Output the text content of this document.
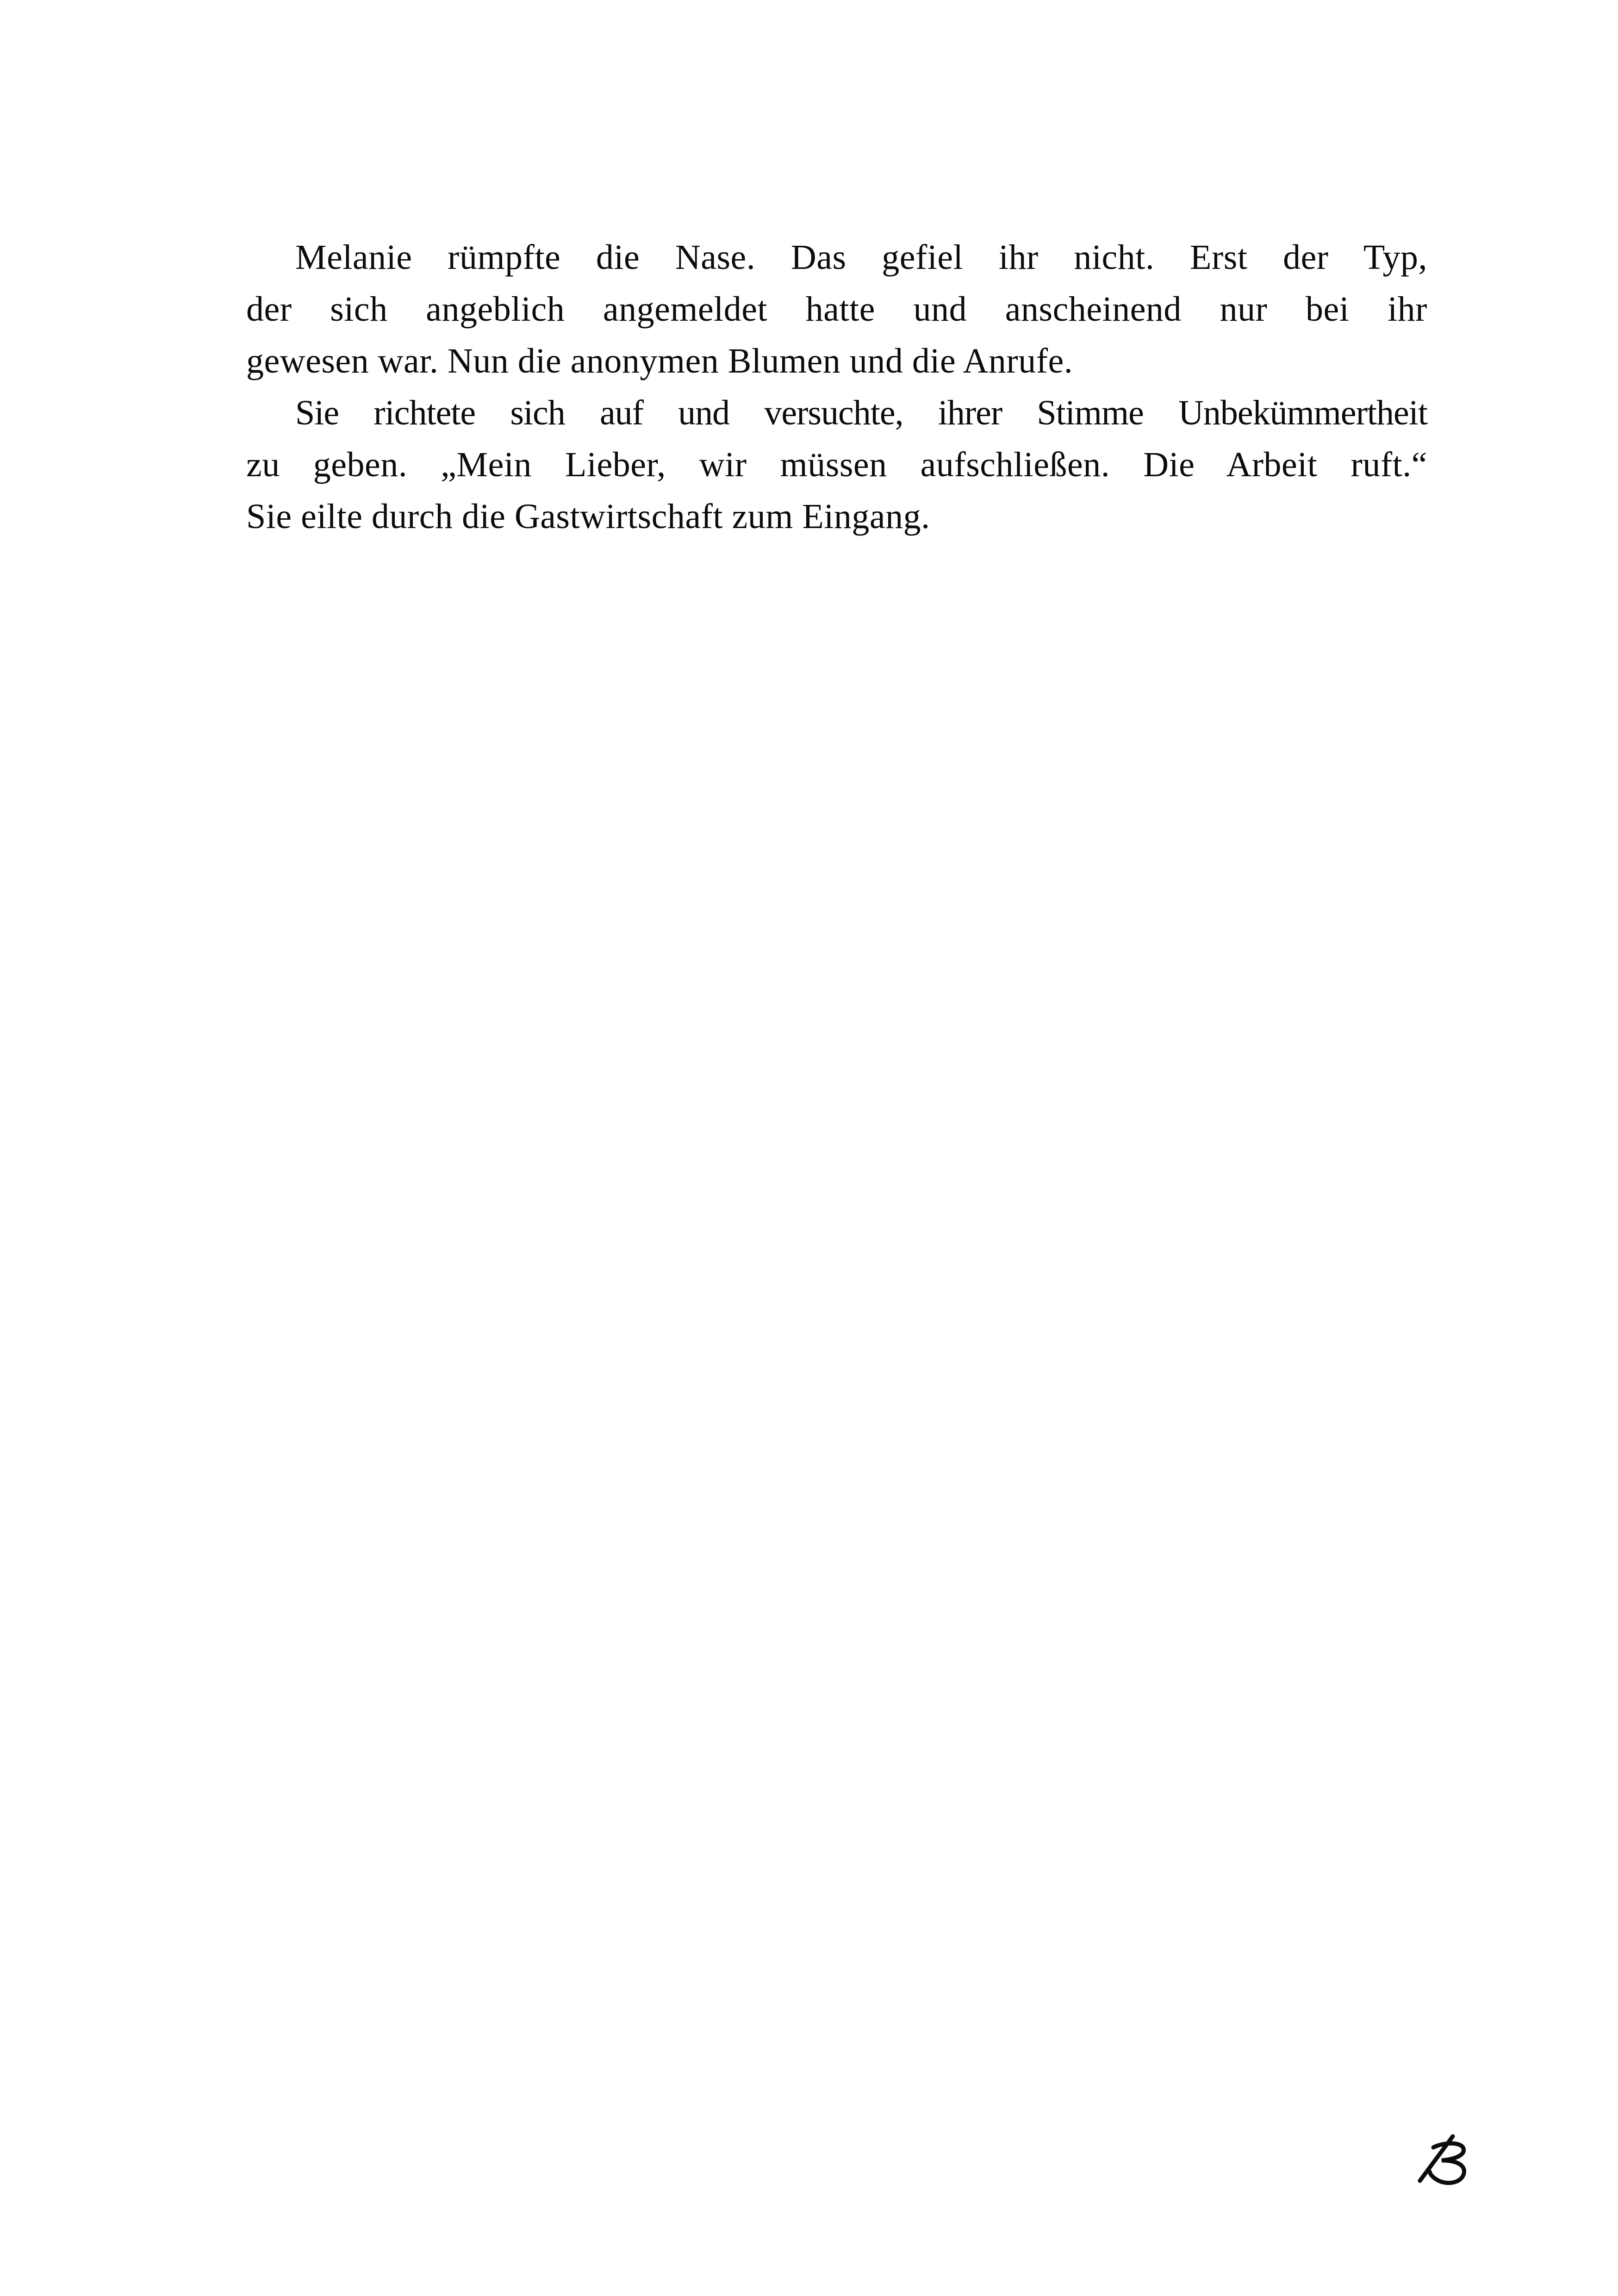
Melanie rümpfte die Nase. Das gefiel ihr nicht. Erst der Typ,
der sich angeblich angemeldet hatte und anscheinend nur bei ihr
gewesen war. Nun die anonymen Blumen und die Anrufe.
Sie richtete sich auf und versuchte, ihrer Stimme Unbekümmertheit
zu geben. „Mein Lieber, wir müssen aufschließen. Die Arbeit ruft.“
Sie eilte durch die Gastwirtschaft zum Eingang.
